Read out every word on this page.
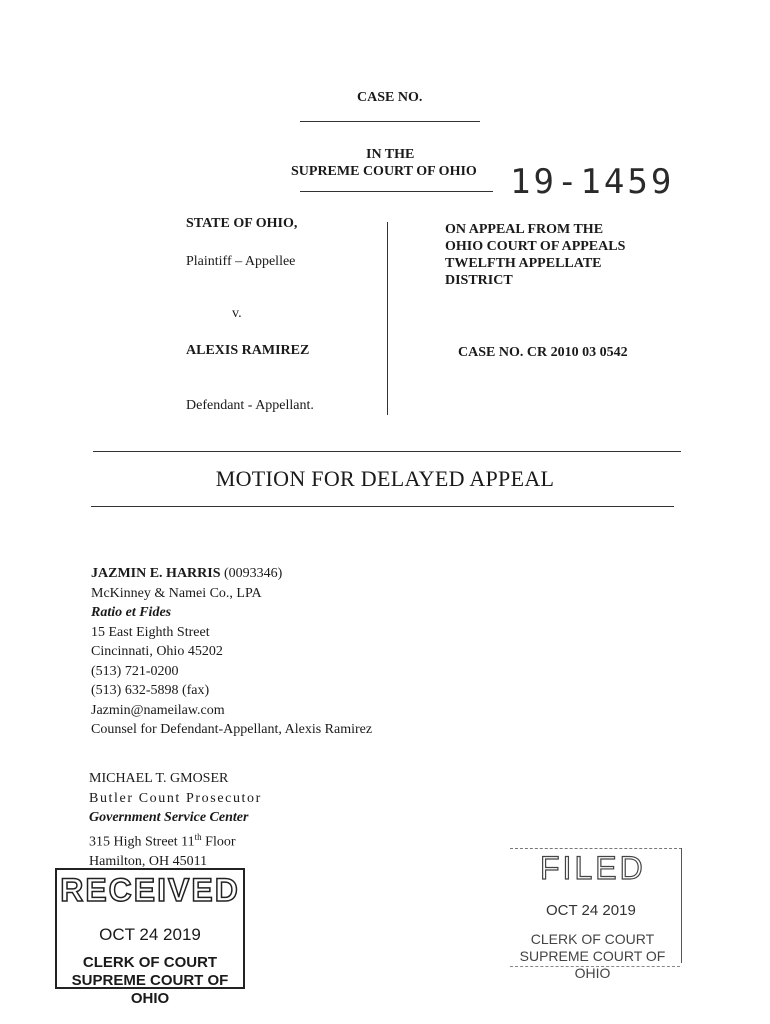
CASE NO.
IN THE
SUPREME COURT OF OHIO 19-1459
STATE OF OHIO,
Plaintiff – Appellee
v.
ALEXIS RAMIREZ
Defendant - Appellant.
ON APPEAL FROM THE
OHIO COURT OF APPEALS
TWELFTH APPELLATE
DISTRICT
CASE NO. CR 2010 03 0542
MOTION FOR DELAYED APPEAL
JAZMIN E. HARRIS (0093346)
McKinney & Namei Co., LPA
Ratio et Fides
15 East Eighth Street
Cincinnati, Ohio 45202
(513) 721-0200
(513) 632-5898 (fax)
Jazmin@nameilaw.com
Counsel for Defendant-Appellant, Alexis Ramirez
MICHAEL T. GMOSER
Butler Count Prosecutor
Government Service Center
315 High Street 11th Floor
Hamilton, OH 45011
RECEIVED
OCT 24 2019
CLERK OF COURT
SUPREME COURT OF OHIO
FILED
OCT 24 2019
CLERK OF COURT
SUPREME COURT OF OHIO
